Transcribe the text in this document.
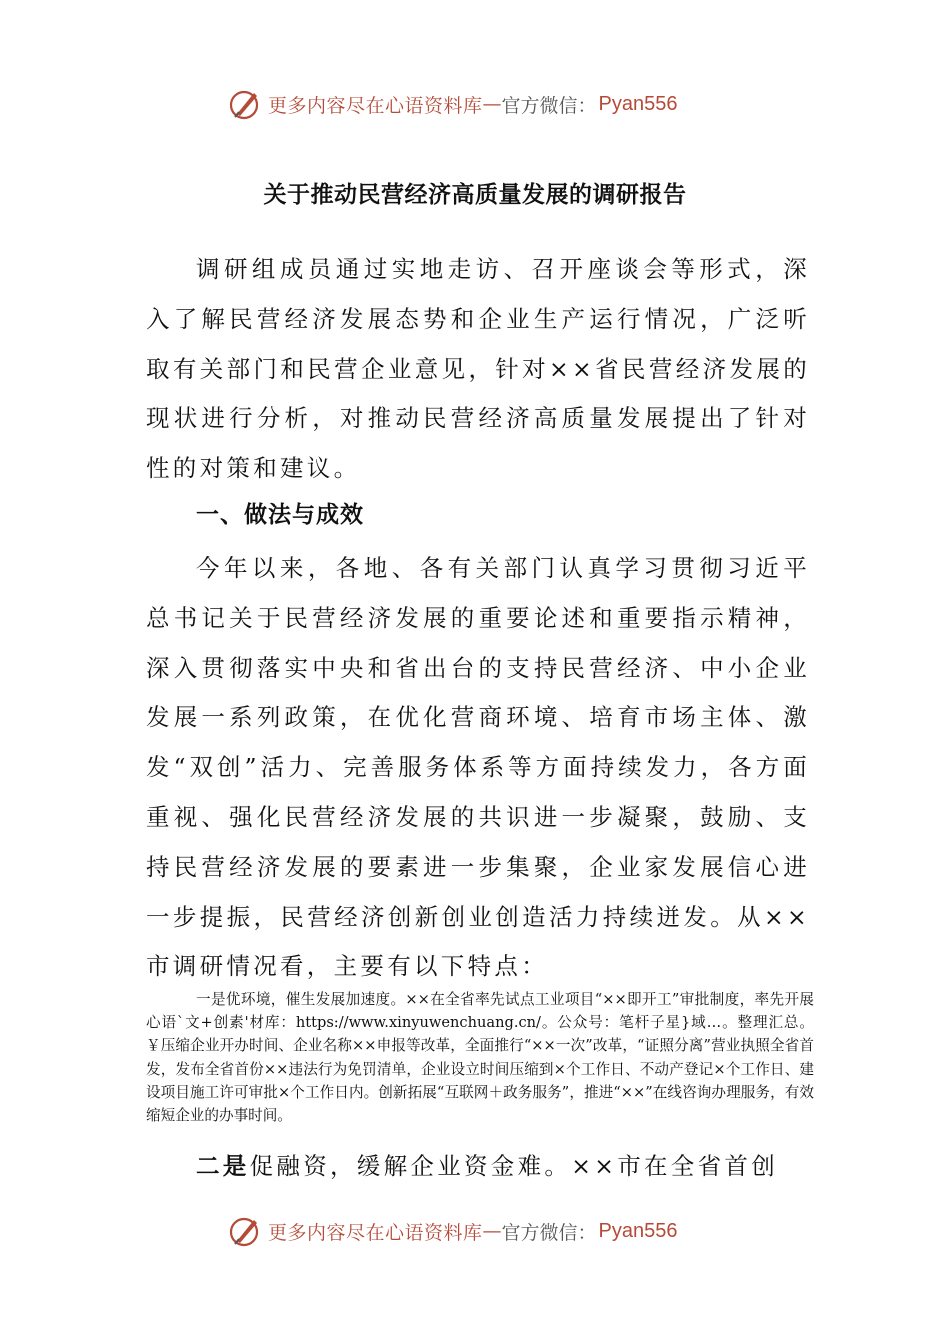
更多内容尽在心语资料库 — 官方微信： Pyan556
关于推动民营经济高质量发展的调研报告

调研组成员通过实地走访、召开座谈会等形式，深入了解民营经济发展态势和企业生产运行情况，广泛听取有关部门和民营企业意见，针对××省民营经济发展的现状进行分析，对推动民营经济高质量发展提出了针对性的对策和建议。

一、做法与成效

今年以来，各地、各有关部门认真学习贯彻习近平总书记关于民营经济发展的重要论述和重要指示精神，深入贯彻落实中央和省出台的支持民营经济、中小企业发展一系列政策，在优化营商环境、培育市场主体、激发“双创”活力、完善服务体系等方面持续发力，各方面重视、强化民营经济发展的共识进一步凝聚，鼓励、支持民营经济发展的要素进一步集聚，企业家发展信心进一步提振，民营经济创新创业创造活力持续迸发。从××市调研情况看，主要有以下特点：

一是优环境，催生发展加速度。××在全省率先试点工业项目“××即开工”审批制度，率先开展心语`文+创素'材库：https://www.xinyuwenchuang.cn/。公众号：笔杆子星}域…。整理汇总。￥压缩企业开办时间、企业名称××申报等改革，全面推行“××一次”改革，“证照分离”营业执照全省首发，发布全省首份××违法行为免罚清单，企业设立时间压缩到×个工作日、不动产登记×个工作日、建设项目施工许可审批×个工作日内。创新拓展“互联网＋政务服务”，推进“××”在线咨询办理服务，有效缩短企业的办事时间。

二是促融资，缓解企业资金难。××市在全省首创

更多内容尽在心语资料库 — 官方微信： Pyan556
